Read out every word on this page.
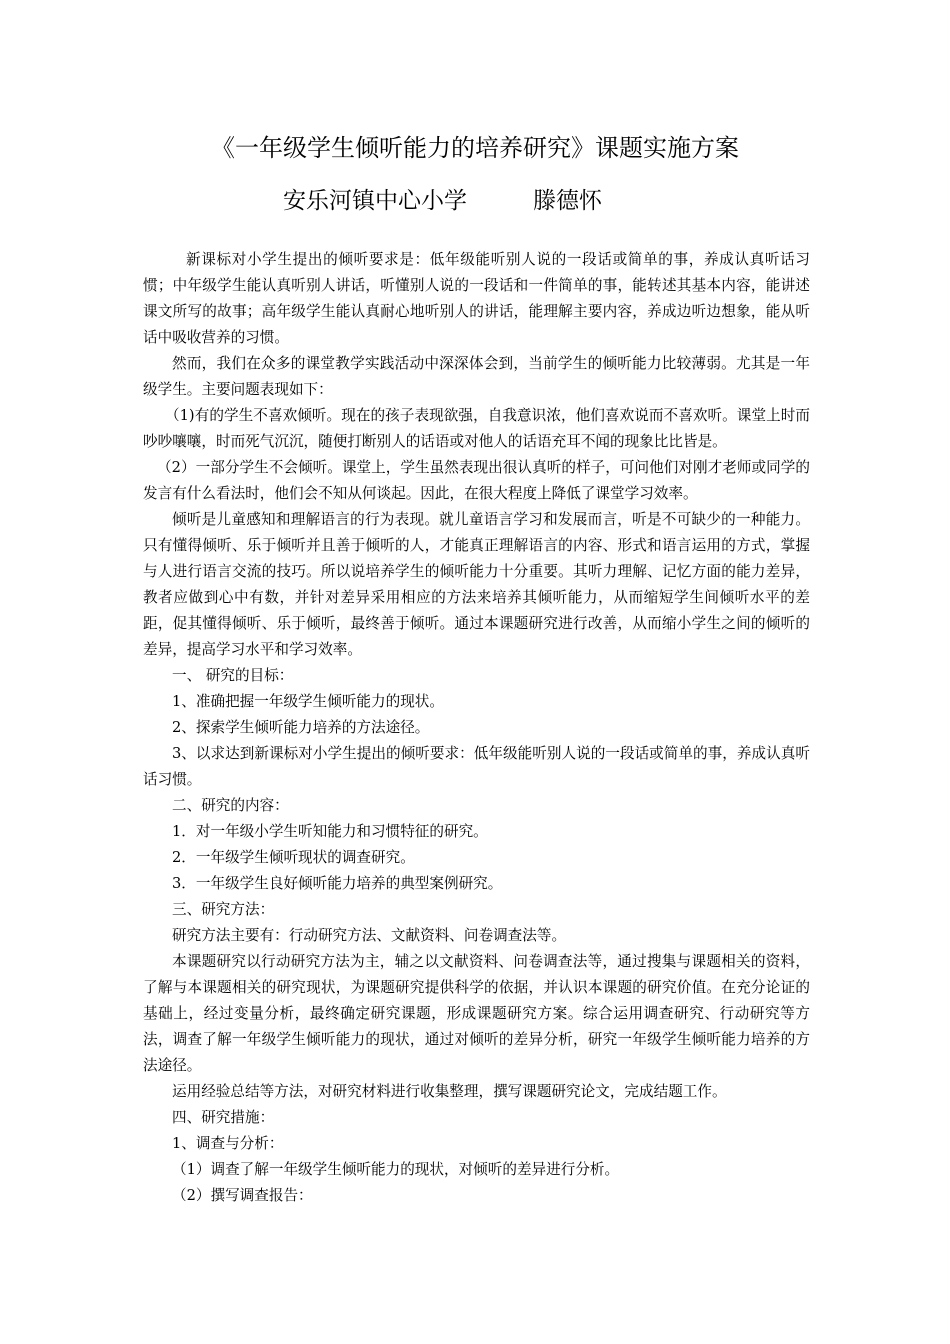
《一年级学生倾听能力的培养研究》课题实施方案
安乐河镇中心小学	滕德怀

新课标对小学生提出的倾听要求是：低年级能听别人说的一段话或简单的事，养成认真听话习惯；中年级学生能认真听别人讲话，听懂别人说的一段话和一件简单的事，能转述其基本内容，能讲述课文所写的故事；高年级学生能认真耐心地听别人的讲话，能理解主要内容，养成边听边想象，能从听话中吸收营养的习惯。

然而，我们在众多的课堂教学实践活动中深深体会到，当前学生的倾听能力比较薄弱。尤其是一年级学生。主要问题表现如下：

（1)有的学生不喜欢倾听。现在的孩子表现欲强，自我意识浓，他们喜欢说而不喜欢听。课堂上时而吵吵嚷嚷，时而死气沉沉，随便打断别人的话语或对他人的话语充耳不闻的现象比比皆是。

（2）一部分学生不会倾听。课堂上，学生虽然表现出很认真听的样子，可问他们对刚才老师或同学的发言有什么看法时，他们会不知从何谈起。因此，在很大程度上降低了课堂学习效率。

倾听是儿童感知和理解语言的行为表现。就儿童语言学习和发展而言，听是不可缺少的一种能力。只有懂得倾听、乐于倾听并且善于倾听的人，才能真正理解语言的内容、形式和语言运用的方式，掌握与人进行语言交流的技巧。所以说培养学生的倾听能力十分重要。其听力理解、记忆方面的能力差异，教者应做到心中有数，并针对差异采用相应的方法来培养其倾听能力，从而缩短学生间倾听水平的差距，促其懂得倾听、乐于倾听，最终善于倾听。通过本课题研究进行改善，从而缩小学生之间的倾听的差异，提高学习水平和学习效率。

一、 研究的目标：

1、准确把握一年级学生倾听能力的现状。

2、探索学生倾听能力培养的方法途径。

3、以求达到新课标对小学生提出的倾听要求：低年级能听别人说的一段话或简单的事，养成认真听话习惯。

二、研究的内容：

1．对一年级小学生听知能力和习惯特征的研究。

2．一年级学生倾听现状的调查研究。

3．一年级学生良好倾听能力培养的典型案例研究。

三、研究方法：

研究方法主要有：行动研究方法、文献资料、问卷调查法等。

本课题研究以行动研究方法为主，辅之以文献资料、问卷调查法等，通过搜集与课题相关的资料，了解与本课题相关的研究现状，为课题研究提供科学的依据，并认识本课题的研究价值。在充分论证的基础上，经过变量分析，最终确定研究课题，形成课题研究方案。综合运用调查研究、行动研究等方法，调查了解一年级学生倾听能力的现状，通过对倾听的差异分析，研究一年级学生倾听能力培养的方法途径。

运用经验总结等方法，对研究材料进行收集整理，撰写课题研究论文，完成结题工作。

四、研究措施：

1、调查与分析：

（1）调查了解一年级学生倾听能力的现状，对倾听的差异进行分析。

（2）撰写调查报告：
